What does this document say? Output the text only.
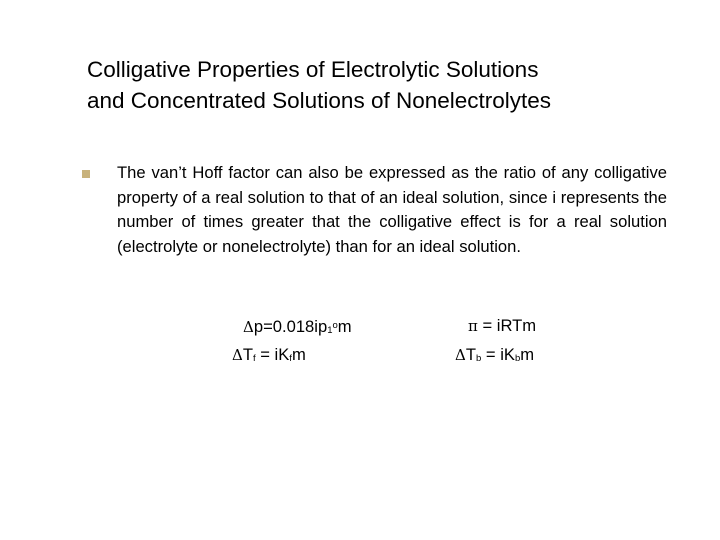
Colligative Properties of Electrolytic Solutions
and Concentrated Solutions of Nonelectrolytes
The van’t Hoff factor can also be expressed as the ratio of any colligative property of a real solution to that of an ideal solution, since i represents the number of times greater that the colligative effect is for a real solution (electrolyte or nonelectrolyte) than for an ideal solution.
$\Delta p=0.018ip_1^om$
$\Delta T_f = iK_fm$
π = iRTm
$\Delta T_b = iK_bm$
